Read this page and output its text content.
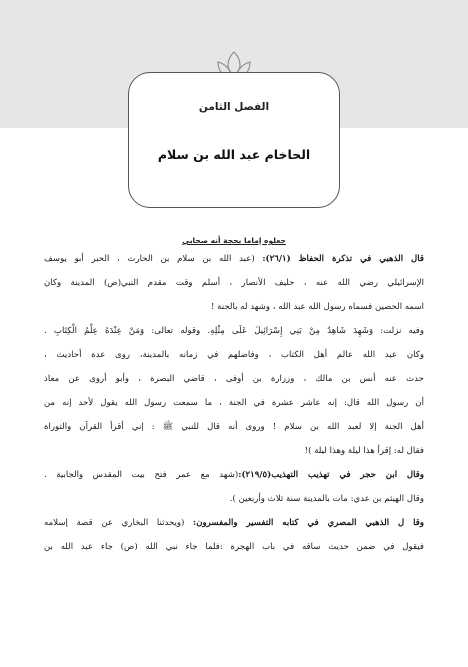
الفصل الثامن
الحاخام عبد الله بن سلام
جعلوه إماما بحجة أنه صحابي
قال الذهبي في تذكرة الحفاظ (٢٦/١): (عبد الله بن سلام بن الحارث ، الحبر أبو يوسف
الإسرائيلي رضي الله عنه ، حليف الأنصار ، أسلم وقت مقدم النبي(ص) المدينة وكان
اسمه الحصين فسماه رسول الله عبد الله ، وشهد له بالجنة !
وفيه نزلت: وَشَهِدَ شَاهِدٌ مِنْ بَنِي إِسْرَائِيلَ عَلَى مِثْلِهِ. وقوله تعالى: وَمَنْ عِنْدَهُ عِلْمُ الْكِتَابِ .
وكان عبد الله عالم أهل الكتاب ، وفاضلهم في زمانه بالمدينة، روى عدة أحاديث ،
حدث عنه أنس بن مالك ، وزرارة بن أوفى ، قاضي البصرة ، وأبو أروى عن معاذ
أن رسول الله قال: إنه عاشر عشرة في الجنة ، ما سمعت رسول الله يقول لأحد إنه من
أهل الجنة إلا لعبد الله بن سلام ! وروى أنه قال للنبي ﷺ : إني أقرأ القرآن والتوراة
فقال له: إقرأ هذا ليلة وهذا ليلة )!
وقال ابن حجر في تهذيب التهذيب(٢١٩/٥):(شهد مع عمر فتح بيت المقدس والجابية .
وقال الهيثم بن عدي: مات بالمدينة سنة ثلاث وأربعين ).
وقا ل الذهبي المصري في كتابه التفسير والمفسرون: (ويحدثنا البخاري عن قصة إسلامه
فيقول في ضمن حديث ساقه في باب الهجرة :فلما جاء نبي الله (ص) جاء عبد الله بن
